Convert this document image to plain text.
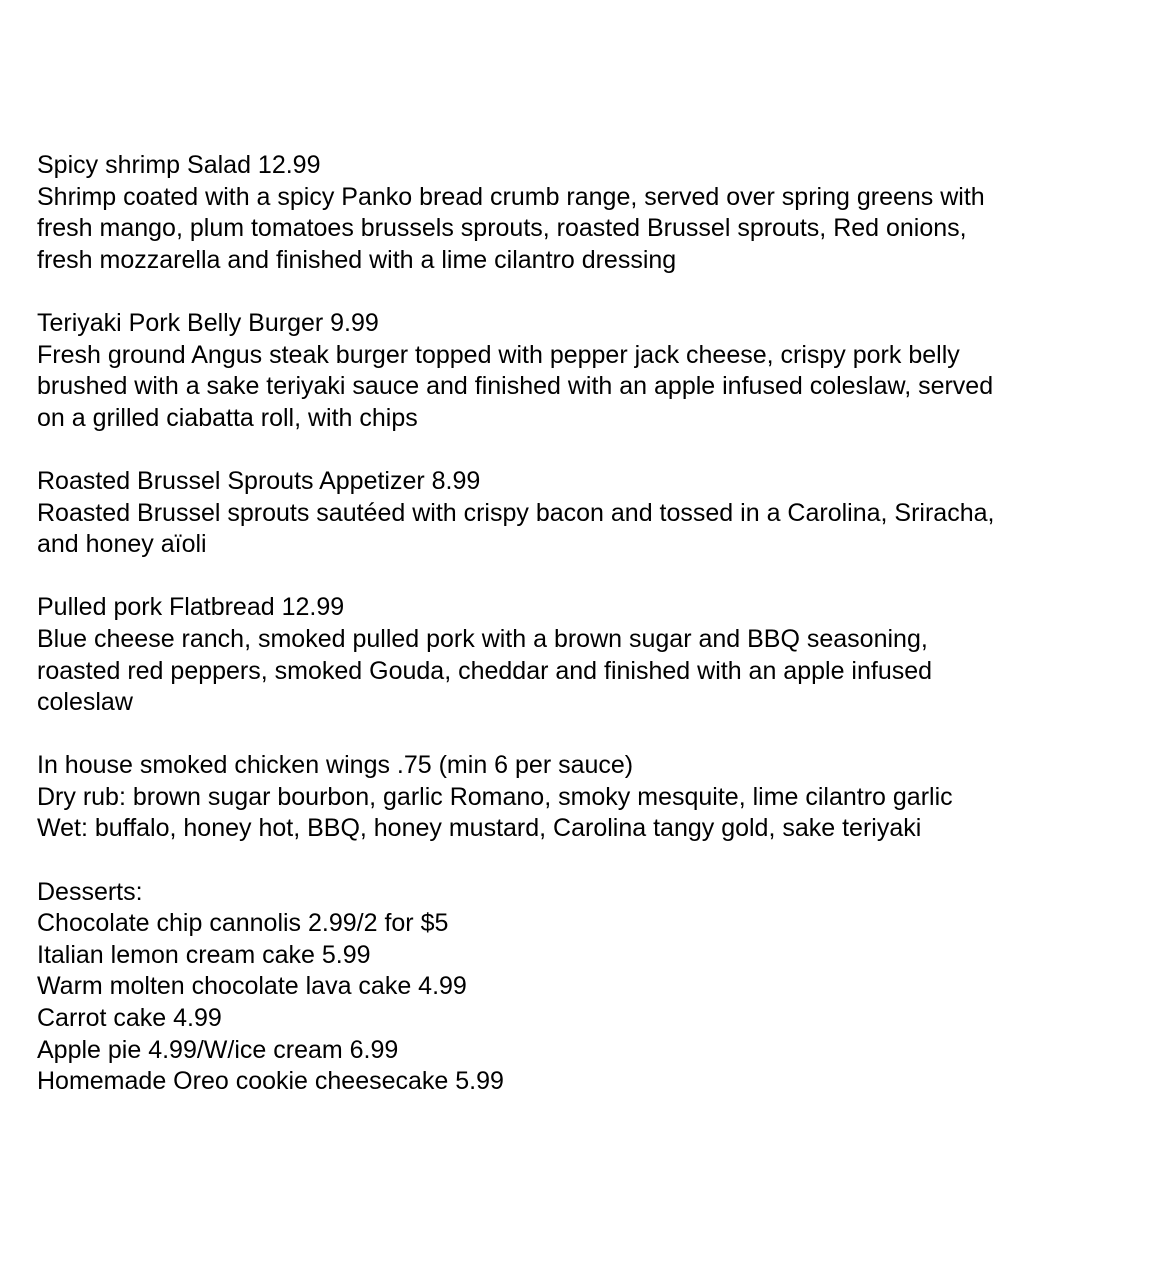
Spicy shrimp Salad 12.99
Shrimp coated with a spicy Panko bread crumb range, served over spring greens with
fresh mango, plum tomatoes brussels sprouts, roasted Brussel sprouts, Red onions,
fresh mozzarella and finished with a lime cilantro dressing
Teriyaki Pork Belly Burger 9.99
Fresh ground Angus steak burger topped with pepper jack cheese, crispy pork belly
brushed with a sake teriyaki sauce and finished with an apple infused coleslaw, served
on a grilled ciabatta roll, with chips
Roasted Brussel Sprouts Appetizer 8.99
Roasted Brussel sprouts sautéed with crispy bacon and tossed in a Carolina, Sriracha,
and honey aïoli
Pulled pork Flatbread 12.99
Blue cheese ranch, smoked pulled pork with a brown sugar and BBQ seasoning,
roasted red peppers, smoked Gouda, cheddar and finished with an apple infused
coleslaw
In house smoked chicken wings .75 (min 6 per sauce)
Dry rub: brown sugar bourbon, garlic Romano, smoky mesquite, lime cilantro garlic
Wet: buffalo, honey hot, BBQ, honey mustard, Carolina tangy gold, sake teriyaki
Desserts:
Chocolate chip cannolis 2.99/2 for $5
Italian lemon cream cake 5.99
Warm molten chocolate lava cake 4.99
Carrot cake 4.99
Apple pie 4.99/W/ice cream 6.99
Homemade Oreo cookie cheesecake 5.99
